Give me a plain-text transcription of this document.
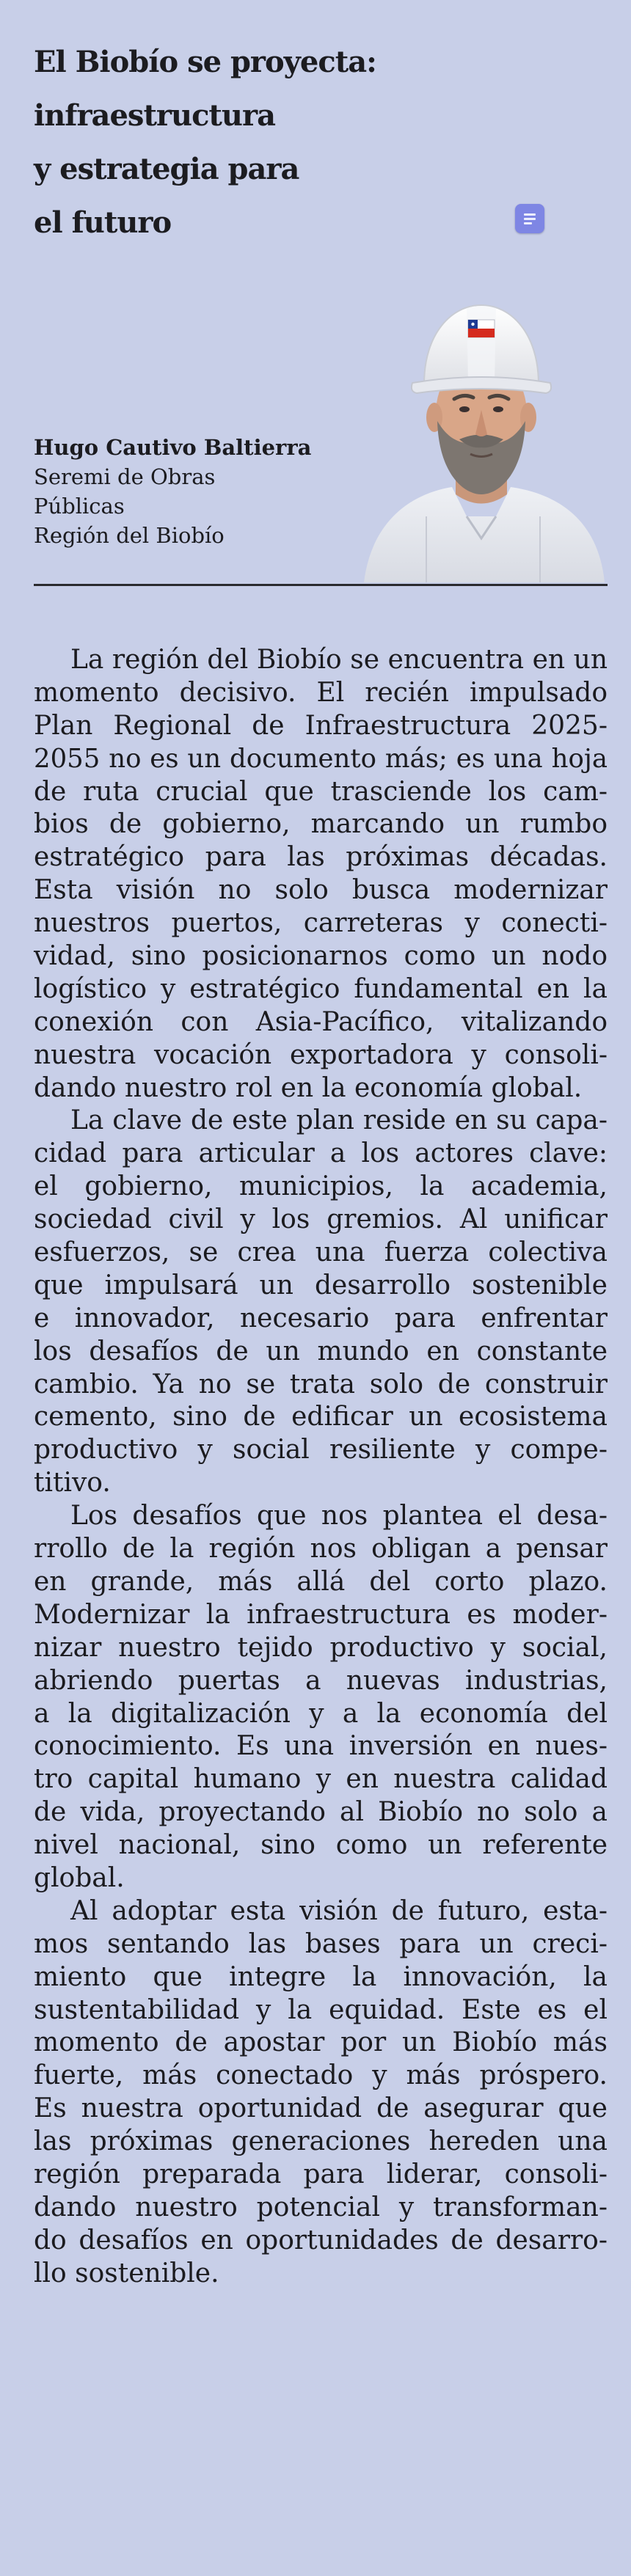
El Biobío se proyecta:
infraestructura
y estrategia para
el futuro
Hugo Cautivo Baltierra
Seremi de Obras
Públicas
Región del Biobío
La región del Biobío se encuentra en un
momento decisivo. El recién impulsado
Plan Regional de Infraestructura 2025-
2055 no es un documento más; es una hoja
de ruta crucial que trasciende los cam-
bios de gobierno, marcando un rumbo
estratégico para las próximas décadas.
Esta visión no solo busca modernizar
nuestros puertos, carreteras y conecti-
vidad, sino posicionarnos como un nodo
logístico y estratégico fundamental en la
conexión con Asia-Pacífico, vitalizando
nuestra vocación exportadora y consoli-
dando nuestro rol en la economía global.
La clave de este plan reside en su capa-
cidad para articular a los actores clave:
el gobierno, municipios, la academia,
sociedad civil y los gremios. Al unificar
esfuerzos, se crea una fuerza colectiva
que impulsará un desarrollo sostenible
e innovador, necesario para enfrentar
los desafíos de un mundo en constante
cambio. Ya no se trata solo de construir
cemento, sino de edificar un ecosistema
productivo y social resiliente y compe-
titivo.
Los desafíos que nos plantea el desa-
rrollo de la región nos obligan a pensar
en grande, más allá del corto plazo.
Modernizar la infraestructura es moder-
nizar nuestro tejido productivo y social,
abriendo puertas a nuevas industrias,
a la digitalización y a la economía del
conocimiento. Es una inversión en nues-
tro capital humano y en nuestra calidad
de vida, proyectando al Biobío no solo a
nivel nacional, sino como un referente
global.
Al adoptar esta visión de futuro, esta-
mos sentando las bases para un creci-
miento que integre la innovación, la
sustentabilidad y la equidad. Este es el
momento de apostar por un Biobío más
fuerte, más conectado y más próspero.
Es nuestra oportunidad de asegurar que
las próximas generaciones hereden una
región preparada para liderar, consoli-
dando nuestro potencial y transforman-
do desafíos en oportunidades de desarro-
llo sostenible.
